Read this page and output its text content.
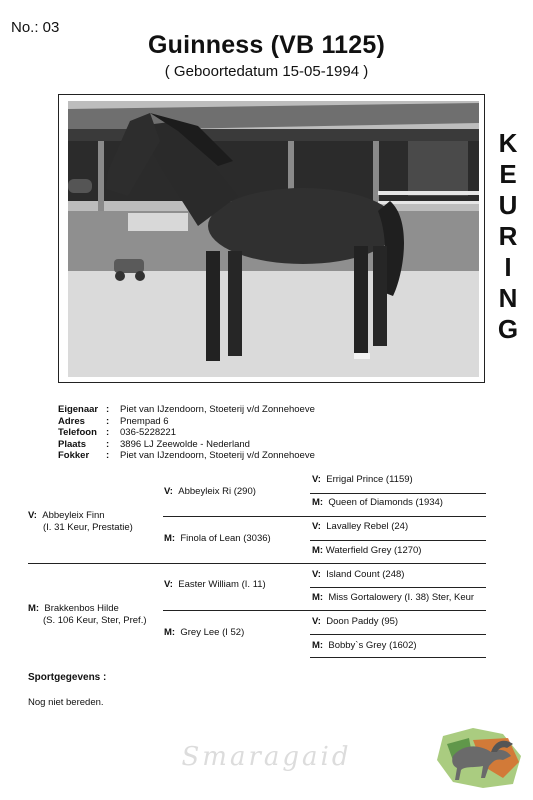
No.: 03
Guinness (VB 1125)
( Geboortedatum 15-05-1994 )
K
E
U
R
I
N
G
Eigenaar : Piet van IJzendoorn, Stoeterij v/d Zonnehoeve
Adres : Pnempad 6
Telefoon : 036-5228221
Plaats : 3896 LJ Zeewolde - Nederland
Fokker : Piet van IJzendoorn, Stoeterij v/d Zonnehoeve
V: Abbeyleix Finn
(I. 31 Keur, Prestatie)
M: Brakkenbos Hilde
(S. 106 Keur, Ster, Pref.)
V: Abbeyleix Ri (290)
M: Finola of Lean (3036)
V: Easter William (I. 11)
M: Grey Lee (I 52)
V: Errigal Prince (1159)
M: Queen of Diamonds (1934)
V: Lavalley Rebel (24)
M: Waterfield Grey (1270)
V: Island Count (248)
M: Miss Gortalowery (I. 38) Ster, Keur
V: Doon Paddy (95)
M: Bobby`s Grey (1602)
Sportgegevens :
Nog niet bereden.
Smaragaid
